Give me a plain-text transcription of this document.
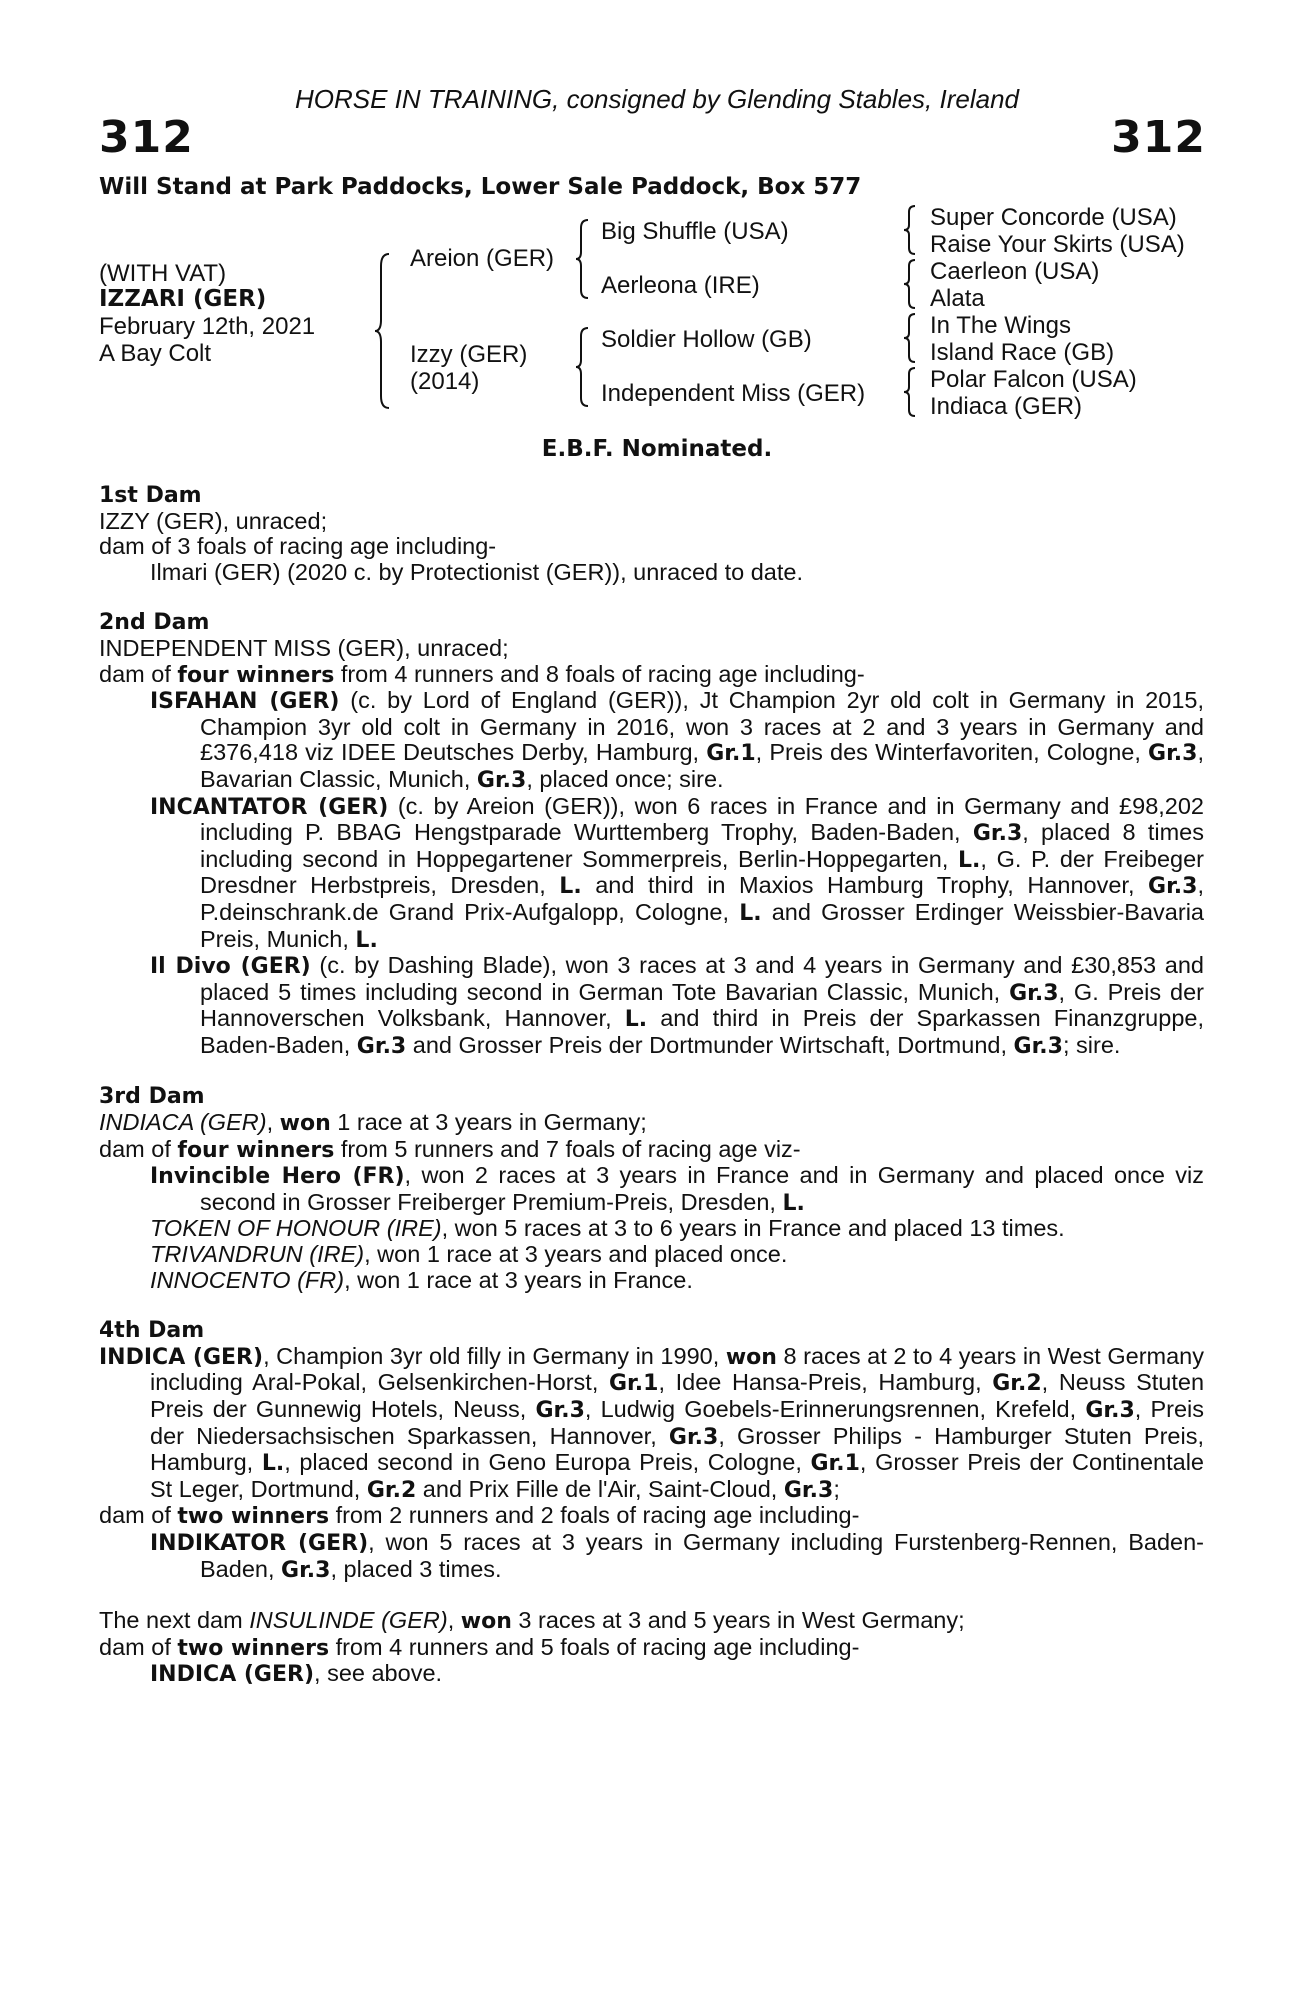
HORSE IN TRAINING, consigned by Glending Stables, Ireland
312	312
Will Stand at Park Paddocks, Lower Sale Paddock, Box 577
(WITH VAT)
IZZARI (GER)
February 12th, 2021
A Bay Colt
Areion (GER)
Izzy (GER)
(2014)
Big Shuffle (USA)
Aerleona (IRE)
Soldier Hollow (GB)
Independent Miss (GER)
Super Concorde (USA)
Raise Your Skirts (USA)
Caerleon (USA)
Alata
In The Wings
Island Race (GB)
Polar Falcon (USA)
Indiaca (GER)
E.B.F. Nominated.
1st Dam
IZZY (GER), unraced;
dam of 3 foals of racing age including-
Ilmari (GER) (2020 c. by Protectionist (GER)), unraced to date.
2nd Dam
INDEPENDENT MISS (GER), unraced;
dam of four winners from 4 runners and 8 foals of racing age including-
ISFAHAN (GER) (c. by Lord of England (GER)), Jt Champion 2yr old colt in Germany in 2015, Champion 3yr old colt in Germany in 2016, won 3 races at 2 and 3 years in Germany and £376,418 viz IDEE Deutsches Derby, Hamburg, Gr.1, Preis des Winterfavoriten, Cologne, Gr.3, Bavarian Classic, Munich, Gr.3, placed once; sire.
INCANTATOR (GER) (c. by Areion (GER)), won 6 races in France and in Germany and £98,202 including P. BBAG Hengstparade Wurttemberg Trophy, Baden-Baden, Gr.3, placed 8 times including second in Hoppegartener Sommerpreis, Berlin-Hoppegarten, L., G. P. der Freibeger Dresdner Herbstpreis, Dresden, L. and third in Maxios Hamburg Trophy, Hannover, Gr.3, P.deinschrank.de Grand Prix-Aufgalopp, Cologne, L. and Grosser Erdinger Weissbier-Bavaria Preis, Munich, L.
Il Divo (GER) (c. by Dashing Blade), won 3 races at 3 and 4 years in Germany and £30,853 and placed 5 times including second in German Tote Bavarian Classic, Munich, Gr.3, G. Preis der Hannoverschen Volksbank, Hannover, L. and third in Preis der Sparkassen Finanzgruppe, Baden-Baden, Gr.3 and Grosser Preis der Dortmunder Wirtschaft, Dortmund, Gr.3; sire.
3rd Dam
INDIACA (GER), won 1 race at 3 years in Germany;
dam of four winners from 5 runners and 7 foals of racing age viz-
Invincible Hero (FR), won 2 races at 3 years in France and in Germany and placed once viz second in Grosser Freiberger Premium-Preis, Dresden, L.
TOKEN OF HONOUR (IRE), won 5 races at 3 to 6 years in France and placed 13 times.
TRIVANDRUN (IRE), won 1 race at 3 years and placed once.
INNOCENTO (FR), won 1 race at 3 years in France.
4th Dam
INDICA (GER), Champion 3yr old filly in Germany in 1990, won 8 races at 2 to 4 years in West Germany including Aral-Pokal, Gelsenkirchen-Horst, Gr.1, Idee Hansa-Preis, Hamburg, Gr.2, Neuss Stuten Preis der Gunnewig Hotels, Neuss, Gr.3, Ludwig Goebels-Erinnerungsrennen, Krefeld, Gr.3, Preis der Niedersachsischen Sparkassen, Hannover, Gr.3, Grosser Philips - Hamburger Stuten Preis, Hamburg, L., placed second in Geno Europa Preis, Cologne, Gr.1, Grosser Preis der Continentale St Leger, Dortmund, Gr.2 and Prix Fille de l'Air, Saint-Cloud, Gr.3;
dam of two winners from 2 runners and 2 foals of racing age including-
INDIKATOR (GER), won 5 races at 3 years in Germany including Furstenberg-Rennen, Baden-Baden, Gr.3, placed 3 times.
The next dam INSULINDE (GER), won 3 races at 3 and 5 years in West Germany;
dam of two winners from 4 runners and 5 foals of racing age including-
INDICA (GER), see above.
